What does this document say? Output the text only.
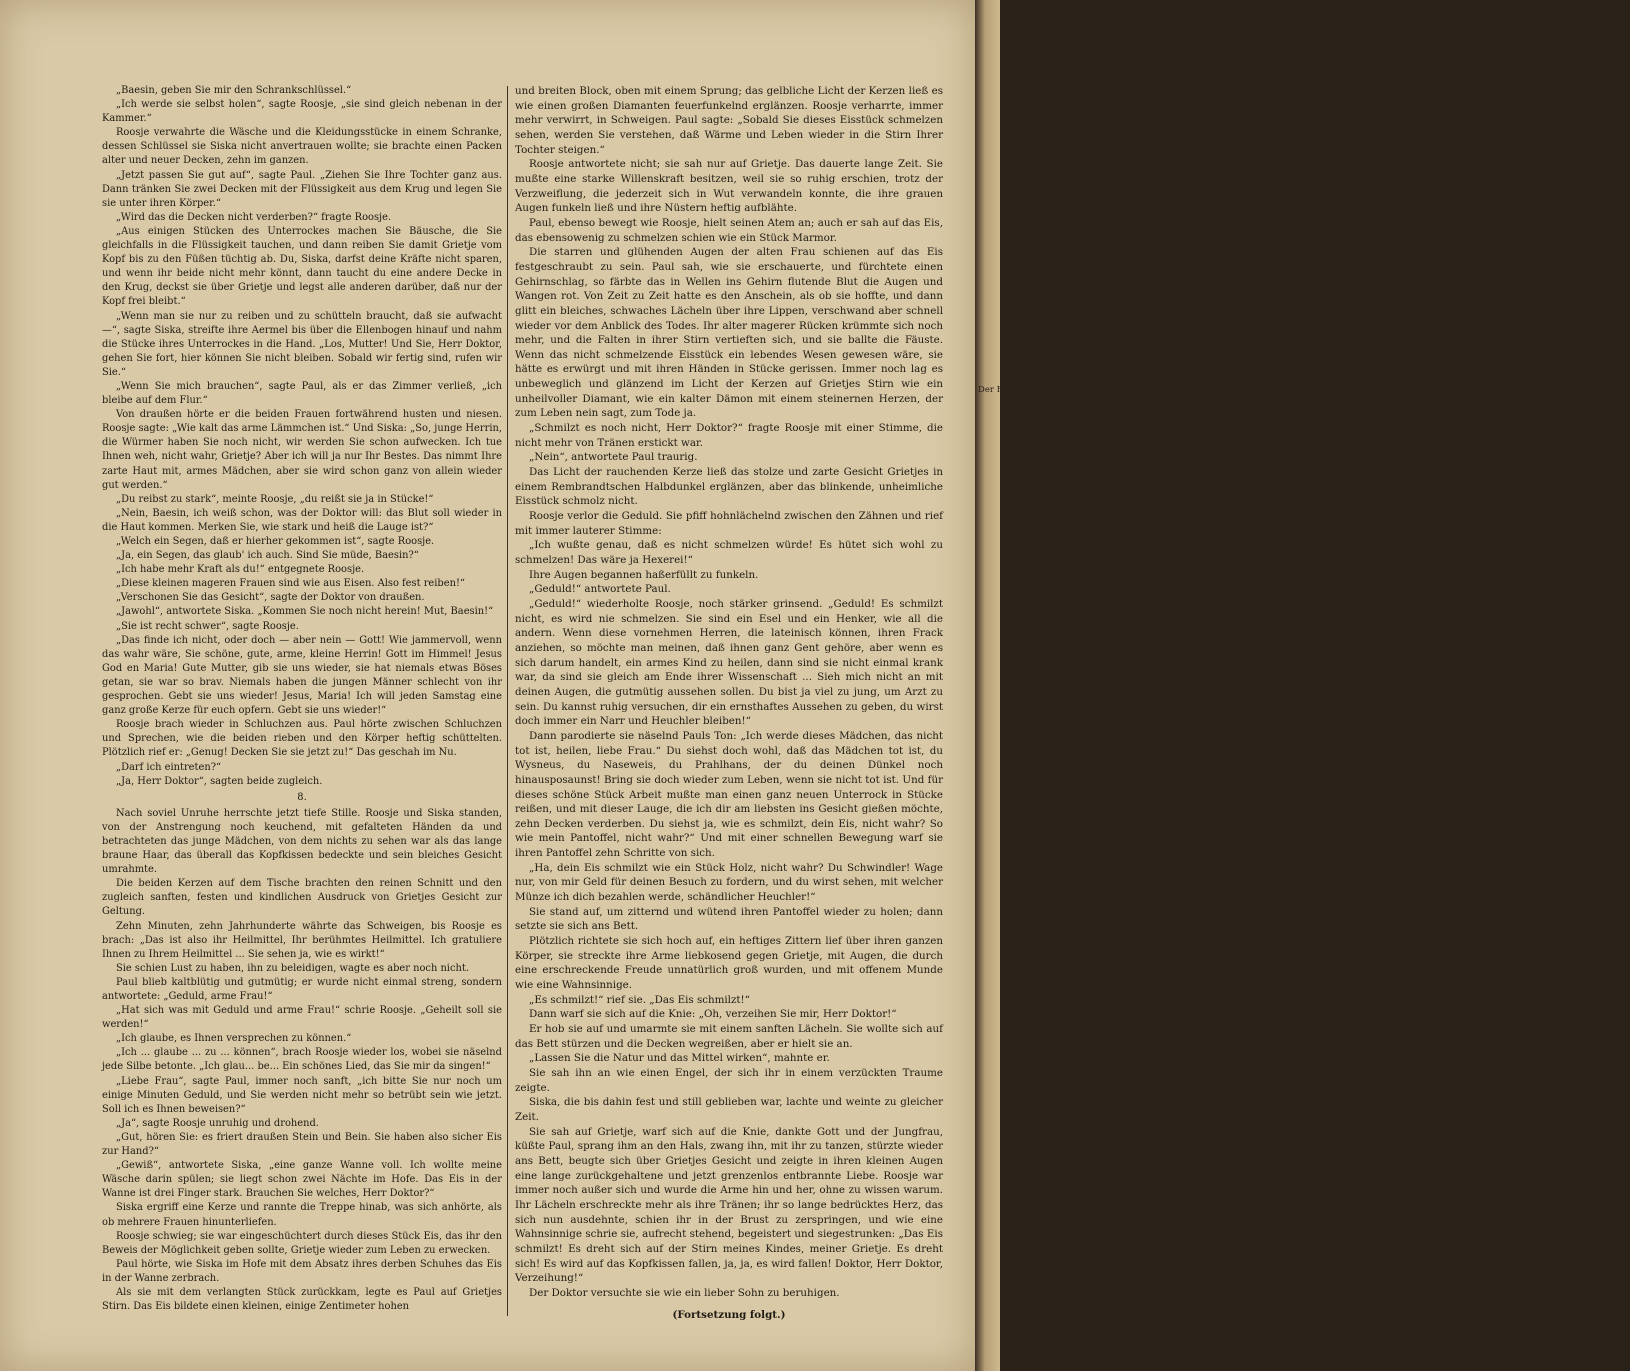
„Baesin, geben Sie mir den Schrankschlüssel.“

„Ich werde sie selbst holen“, sagte Roosje, „sie sind gleich nebenan in der Kammer.“

Roosje verwahrte die Wäsche und die Kleidungsstücke in einem Schranke, dessen Schlüssel sie Siska nicht anvertrauen wollte; sie brachte einen Packen alter und neuer Decken, zehn im ganzen.

„Jetzt passen Sie gut auf“, sagte Paul. „Ziehen Sie Ihre Tochter ganz aus. Dann tränken Sie zwei Decken mit der Flüssigkeit aus dem Krug und legen Sie sie unter ihren Körper.“

„Wird das die Decken nicht verderben?“ fragte Roosje.

„Aus einigen Stücken des Unterrockes machen Sie Bäusche, die Sie gleichfalls in die Flüssigkeit tauchen, und dann reiben Sie damit Grietje vom Kopf bis zu den Füßen tüchtig ab. Du, Siska, darfst deine Kräfte nicht sparen, und wenn ihr beide nicht mehr könnt, dann taucht du eine andere Decke in den Krug, deckst sie über Grietje und legst alle anderen darüber, daß nur der Kopf frei bleibt.“

„Wenn man sie nur zu reiben und zu schütteln braucht, daß sie aufwacht —“, sagte Siska, streifte ihre Aermel bis über die Ellenbogen hinauf und nahm die Stücke ihres Unterrockes in die Hand. „Los, Mutter! Und Sie, Herr Doktor, gehen Sie fort, hier können Sie nicht bleiben. Sobald wir fertig sind, rufen wir Sie.“

„Wenn Sie mich brauchen“, sagte Paul, als er das Zimmer verließ, „ich bleibe auf dem Flur.“

Von draußen hörte er die beiden Frauen fortwährend husten und niesen. Roosje sagte: „Wie kalt das arme Lämmchen ist.“ Und Siska: „So, junge Herrin, die Würmer haben Sie noch nicht, wir werden Sie schon aufwecken. Ich tue Ihnen weh, nicht wahr, Grietje? Aber ich will ja nur Ihr Bestes. Das nimmt Ihre zarte Haut mit, armes Mädchen, aber sie wird schon ganz von allein wieder gut werden.“

„Du reibst zu stark“, meinte Roosje, „du reißt sie ja in Stücke!“

„Nein, Baesin, ich weiß schon, was der Doktor will: das Blut soll wieder in die Haut kommen. Merken Sie, wie stark und heiß die Lauge ist?“

„Welch ein Segen, daß er hierher gekommen ist“, sagte Roosje.

„Ja, ein Segen, das glaub' ich auch. Sind Sie müde, Baesin?“

„Ich habe mehr Kraft als du!“ entgegnete Roosje.

„Diese kleinen mageren Frauen sind wie aus Eisen. Also fest reiben!“

„Verschonen Sie das Gesicht“, sagte der Doktor von draußen.

„Jawohl“, antwortete Siska. „Kommen Sie noch nicht herein! Mut, Baesin!“

„Sie ist recht schwer“, sagte Roosje.

„Das finde ich nicht, oder doch — aber nein — Gott! Wie jammervoll, wenn das wahr wäre, Sie schöne, gute, arme, kleine Herrin! Gott im Himmel! Jesus God en Maria! Gute Mutter, gib sie uns wieder, sie hat niemals etwas Böses getan, sie war so brav. Niemals haben die jungen Männer schlecht von ihr gesprochen. Gebt sie uns wieder! Jesus, Maria! Ich will jeden Samstag eine ganz große Kerze für euch opfern. Gebt sie uns wieder!“

Roosje brach wieder in Schluchzen aus. Paul hörte zwischen Schluchzen und Sprechen, wie die beiden rieben und den Körper heftig schüttelten. Plötzlich rief er: „Genug! Decken Sie sie jetzt zu!“ Das geschah im Nu.

„Darf ich eintreten?“

„Ja, Herr Doktor“, sagten beide zugleich.

8.

Nach soviel Unruhe herrschte jetzt tiefe Stille. Roosje und Siska standen, von der Anstrengung noch keuchend, mit gefalteten Händen da und betrachteten das junge Mädchen, von dem nichts zu sehen war als das lange braune Haar, das überall das Kopfkissen bedeckte und sein bleiches Gesicht umrahmte.

Die beiden Kerzen auf dem Tische brachten den reinen Schnitt und den zugleich sanften, festen und kindlichen Ausdruck von Grietjes Gesicht zur Geltung.

Zehn Minuten, zehn Jahrhunderte währte das Schweigen, bis Roosje es brach: „Das ist also ihr Heilmittel, Ihr berühmtes Heilmittel. Ich gratuliere Ihnen zu Ihrem Heilmittel ... Sie sehen ja, wie es wirkt!“

Sie schien Lust zu haben, ihn zu beleidigen, wagte es aber noch nicht.

Paul blieb kaltblütig und gutmütig; er wurde nicht einmal streng, sondern antwortete: „Geduld, arme Frau!“

„Hat sich was mit Geduld und arme Frau!“ schrie Roosje. „Geheilt soll sie werden!“

„Ich glaube, es Ihnen versprechen zu können.“

„Ich ... glaube ... zu ... können“, brach Roosje wieder los, wobei sie näselnd jede Silbe betonte. „Ich glau... be... Ein schönes Lied, das Sie mir da singen!“

„Liebe Frau“, sagte Paul, immer noch sanft, „ich bitte Sie nur noch um einige Minuten Geduld, und Sie werden nicht mehr so betrübt sein wie jetzt. Soll ich es Ihnen beweisen?“

„Ja“, sagte Roosje unruhig und drohend.

„Gut, hören Sie: es friert draußen Stein und Bein. Sie haben also sicher Eis zur Hand?“

„Gewiß“, antwortete Siska, „eine ganze Wanne voll. Ich wollte meine Wäsche darin spülen; sie liegt schon zwei Nächte im Hofe. Das Eis in der Wanne ist drei Finger stark. Brauchen Sie welches, Herr Doktor?“

Siska ergriff eine Kerze und rannte die Treppe hinab, was sich anhörte, als ob mehrere Frauen hinunterliefen.

Roosje schwieg; sie war eingeschüchtert durch dieses Stück Eis, das ihr den Beweis der Möglichkeit geben sollte, Grietje wieder zum Leben zu erwecken.

Paul hörte, wie Siska im Hofe mit dem Absatz ihres derben Schuhes das Eis in der Wanne zerbrach.

Als sie mit dem verlangten Stück zurückkam, legte es Paul auf Grietjes Stirn. Das Eis bildete einen kleinen, einige Zentimeter hohen

und breiten Block, oben mit einem Sprung; das gelbliche Licht der Kerzen ließ es wie einen großen Diamanten feuerfunkelnd erglänzen. Roosje verharrte, immer mehr verwirrt, in Schweigen. Paul sagte: „Sobald Sie dieses Eisstück schmelzen sehen, werden Sie verstehen, daß Wärme und Leben wieder in die Stirn Ihrer Tochter steigen.“

Roosje antwortete nicht; sie sah nur auf Grietje. Das dauerte lange Zeit. Sie mußte eine starke Willenskraft besitzen, weil sie so ruhig erschien, trotz der Verzweiflung, die jederzeit sich in Wut verwandeln konnte, die ihre grauen Augen funkeln ließ und ihre Nüstern heftig aufblähte.

Paul, ebenso bewegt wie Roosje, hielt seinen Atem an; auch er sah auf das Eis, das ebensowenig zu schmelzen schien wie ein Stück Marmor.

Die starren und glühenden Augen der alten Frau schienen auf das Eis festgeschraubt zu sein. Paul sah, wie sie erschauerte, und fürchtete einen Gehirnschlag, so färbte das in Wellen ins Gehirn flutende Blut die Augen und Wangen rot. Von Zeit zu Zeit hatte es den Anschein, als ob sie hoffte, und dann glitt ein bleiches, schwaches Lächeln über ihre Lippen, verschwand aber schnell wieder vor dem Anblick des Todes. Ihr alter magerer Rücken krümmte sich noch mehr, und die Falten in ihrer Stirn vertieften sich, und sie ballte die Fäuste. Wenn das nicht schmelzende Eisstück ein lebendes Wesen gewesen wäre, sie hätte es erwürgt und mit ihren Händen in Stücke gerissen. Immer noch lag es unbeweglich und glänzend im Licht der Kerzen auf Grietjes Stirn wie ein unheilvoller Diamant, wie ein kalter Dämon mit einem steinernen Herzen, der zum Leben nein sagt, zum Tode ja.

„Schmilzt es noch nicht, Herr Doktor?“ fragte Roosje mit einer Stimme, die nicht mehr von Tränen erstickt war.

„Nein“, antwortete Paul traurig.

Das Licht der rauchenden Kerze ließ das stolze und zarte Gesicht Grietjes in einem Rembrandtschen Halbdunkel erglänzen, aber das blinkende, unheimliche Eisstück schmolz nicht.

Roosje verlor die Geduld. Sie pfiff hohnlächelnd zwischen den Zähnen und rief mit immer lauterer Stimme:

„Ich wußte genau, daß es nicht schmelzen würde! Es hütet sich wohl zu schmelzen! Das wäre ja Hexerei!“

Ihre Augen begannen haßerfüllt zu funkeln.

„Geduld!“ antwortete Paul.

„Geduld!“ wiederholte Roosje, noch stärker grinsend. „Geduld! Es schmilzt nicht, es wird nie schmelzen. Sie sind ein Esel und ein Henker, wie all die andern. Wenn diese vornehmen Herren, die lateinisch können, ihren Frack anziehen, so möchte man meinen, daß ihnen ganz Gent gehöre, aber wenn es sich darum handelt, ein armes Kind zu heilen, dann sind sie nicht einmal krank war, da sind sie gleich am Ende ihrer Wissenschaft ... Sieh mich nicht an mit deinen Augen, die gutmütig aussehen sollen. Du bist ja viel zu jung, um Arzt zu sein. Du kannst ruhig versuchen, dir ein ernsthaftes Aussehen zu geben, du wirst doch immer ein Narr und Heuchler bleiben!“

Dann parodierte sie näselnd Pauls Ton: „Ich werde dieses Mädchen, das nicht tot ist, heilen, liebe Frau.“ Du siehst doch wohl, daß das Mädchen tot ist, du Wysneus, du Naseweis, du Prahlhans, der du deinen Dünkel noch hinausposaunst! Bring sie doch wieder zum Leben, wenn sie nicht tot ist. Und für dieses schöne Stück Arbeit mußte man einen ganz neuen Unterrock in Stücke reißen, und mit dieser Lauge, die ich dir am liebsten ins Gesicht gießen möchte, zehn Decken verderben. Du siehst ja, wie es schmilzt, dein Eis, nicht wahr? So wie mein Pantoffel, nicht wahr?“ Und mit einer schnellen Bewegung warf sie ihren Pantoffel zehn Schritte von sich.

„Ha, dein Eis schmilzt wie ein Stück Holz, nicht wahr? Du Schwindler! Wage nur, von mir Geld für deinen Besuch zu fordern, und du wirst sehen, mit welcher Münze ich dich bezahlen werde, schändlicher Heuchler!“

Sie stand auf, um zitternd und wütend ihren Pantoffel wieder zu holen; dann setzte sie sich ans Bett.

Plötzlich richtete sie sich hoch auf, ein heftiges Zittern lief über ihren ganzen Körper, sie streckte ihre Arme liebkosend gegen Grietje, mit Augen, die durch eine erschreckende Freude unnatürlich groß wurden, und mit offenem Munde wie eine Wahnsinnige.

„Es schmilzt!“ rief sie. „Das Eis schmilzt!“

Dann warf sie sich auf die Knie: „Oh, verzeihen Sie mir, Herr Doktor!“

Er hob sie auf und umarmte sie mit einem sanften Lächeln. Sie wollte sich auf das Bett stürzen und die Decken wegreißen, aber er hielt sie an.

„Lassen Sie die Natur und das Mittel wirken“, mahnte er.

Sie sah ihn an wie einen Engel, der sich ihr in einem verzückten Traume zeigte.

Siska, die bis dahin fest und still geblieben war, lachte und weinte zu gleicher Zeit.

Sie sah auf Grietje, warf sich auf die Knie, dankte Gott und der Jungfrau, küßte Paul, sprang ihm an den Hals, zwang ihn, mit ihr zu tanzen, stürzte wieder ans Bett, beugte sich über Grietjes Gesicht und zeigte in ihren kleinen Augen eine lange zurückgehaltene und jetzt grenzenlos entbrannte Liebe. Roosje war immer noch außer sich und wurde die Arme hin und her, ohne zu wissen warum. Ihr Lächeln erschreckte mehr als ihre Tränen; ihr so lange bedrücktes Herz, das sich nun ausdehnte, schien ihr in der Brust zu zerspringen, und wie eine Wahnsinnige schrie sie, aufrecht stehend, begeistert und siegestrunken: „Das Eis schmilzt! Es dreht sich auf der Stirn meines Kindes, meiner Grietje. Es dreht sich! Es wird auf das Kopfkissen fallen, ja, ja, es wird fallen! Doktor, Herr Doktor, Verzeihung!“

Der Doktor versuchte sie wie ein lieber Sohn zu beruhigen.

(Fortsetzung folgt.)

Der F| nen| verfolge| Steuer| ein Fisk| mus| gefo| deal| Als| ve| Po| Borge| Bü| be| Ja| Un| Gr| in| die| Va| 10| Vor| Hat| jes| Si| en| ve| De| th| Se| Ho| Mo
